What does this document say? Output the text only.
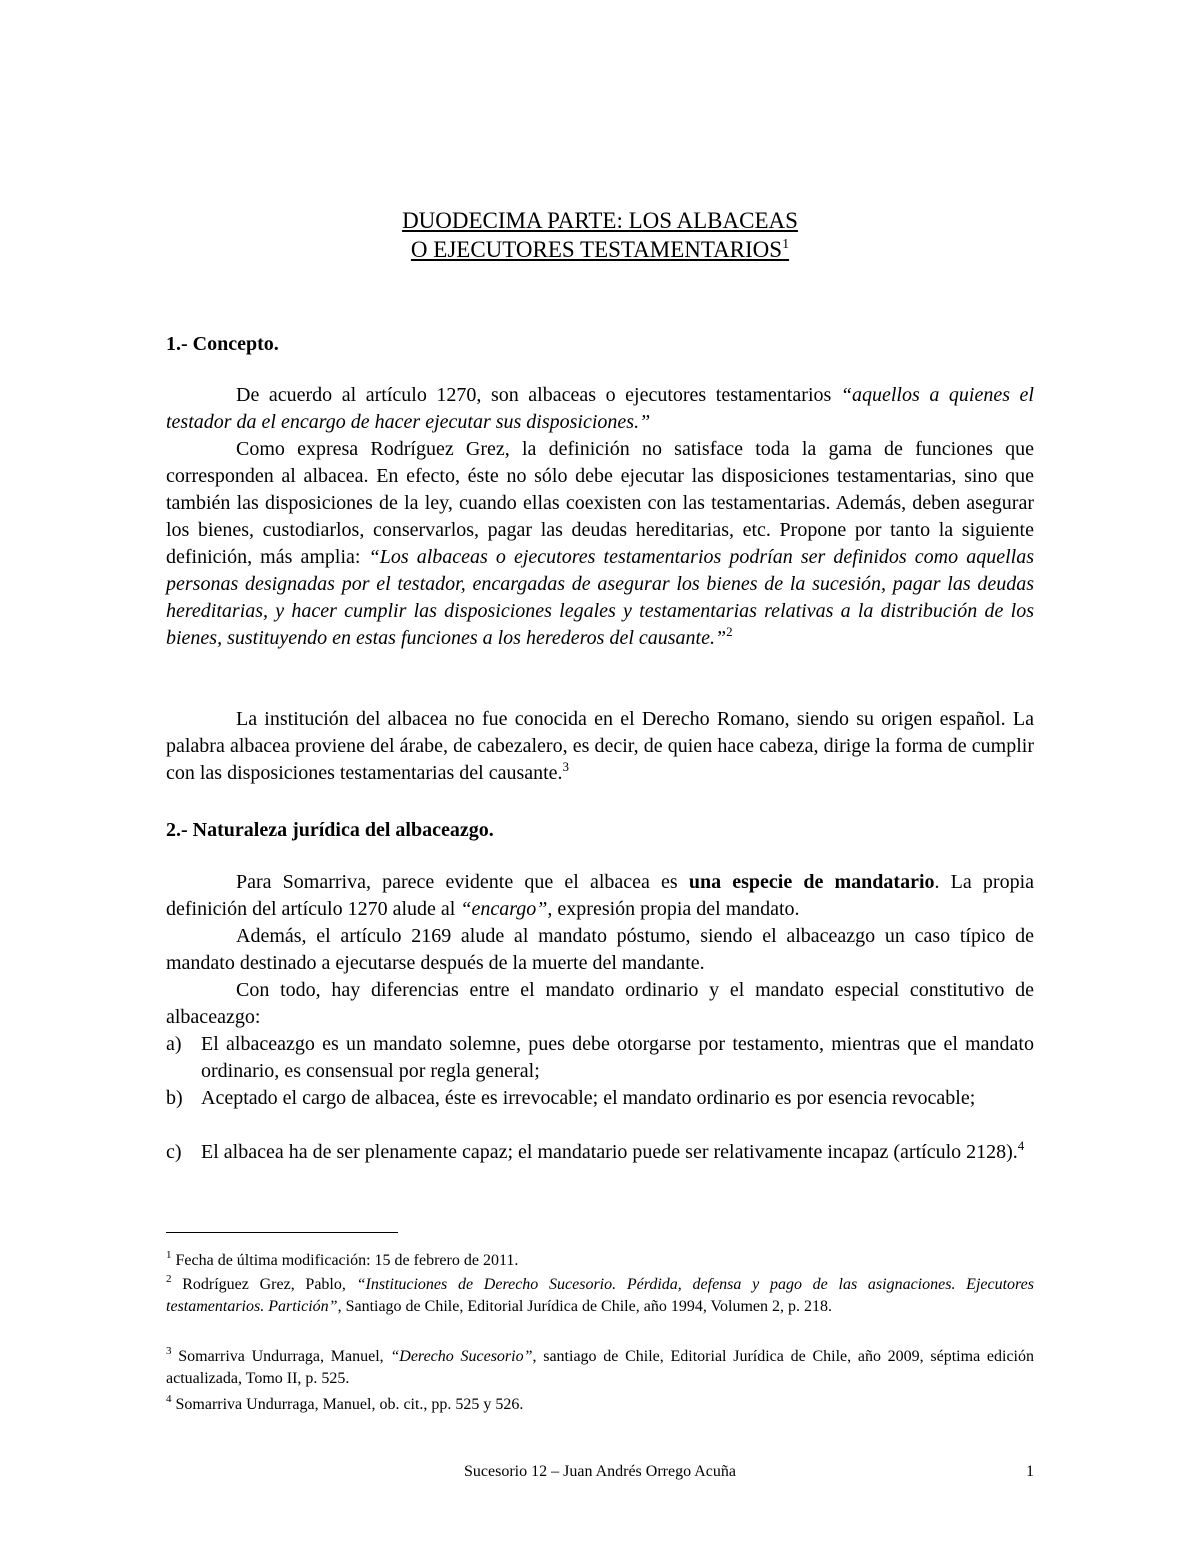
DUODECIMA PARTE: LOS ALBACEAS
O EJECUTORES TESTAMENTARIOS$^1$
1.- Concepto.
De acuerdo al artículo 1270, son albaceas o ejecutores testamentarios “aquellos a quienes el testador da el encargo de hacer ejecutar sus disposiciones.”
Como expresa Rodríguez Grez, la definición no satisface toda la gama de funciones que corresponden al albacea. En efecto, éste no sólo debe ejecutar las disposiciones testamentarias, sino que también las disposiciones de la ley, cuando ellas coexisten con las testamentarias. Además, deben asegurar los bienes, custodiarlos, conservarlos, pagar las deudas hereditarias, etc. Propone por tanto la siguiente definición, más amplia: “Los albaceas o ejecutores testamentarios podrían ser definidos como aquellas personas designadas por el testador, encargadas de asegurar los bienes de la sucesión, pagar las deudas hereditarias, y hacer cumplir las disposiciones legales y testamentarias relativas a la distribución de los bienes, sustituyendo en estas funciones a los herederos del causante.”$^2$
La institución del albacea no fue conocida en el Derecho Romano, siendo su origen español. La palabra albacea proviene del árabe, de cabezalero, es decir, de quien hace cabeza, dirige la forma de cumplir con las disposiciones testamentarias del causante.$^3$
2.- Naturaleza jurídica del albaceazgo.
Para Somarriva, parece evidente que el albacea es una especie de mandatario. La propia definición del artículo 1270 alude al “encargo”, expresión propia del mandato.
Además, el artículo 2169 alude al mandato póstumo, siendo el albaceazgo un caso típico de mandato destinado a ejecutarse después de la muerte del mandante.
Con todo, hay diferencias entre el mandato ordinario y el mandato especial constitutivo de albaceazgo:
a) El albaceazgo es un mandato solemne, pues debe otorgarse por testamento, mientras que el mandato ordinario, es consensual por regla general;
b) Aceptado el cargo de albacea, éste es irrevocable; el mandato ordinario es por esencia revocable;
c) El albacea ha de ser plenamente capaz; el mandatario puede ser relativamente incapaz (artículo 2128).$^4$
$^1$ Fecha de última modificación: 15 de febrero de 2011.
$^2$ Rodríguez Grez, Pablo, “Instituciones de Derecho Sucesorio. Pérdida, defensa y pago de las asignaciones. Ejecutores testamentarios. Partición”, Santiago de Chile, Editorial Jurídica de Chile, año 1994, Volumen 2, p. 218.
$^3$ Somarriva Undurraga, Manuel, “Derecho Sucesorio”, santiago de Chile, Editorial Jurídica de Chile, año 2009, séptima edición actualizada, Tomo II, p. 525.
$^4$ Somarriva Undurraga, Manuel, ob. cit., pp. 525 y 526.
Sucesorio 12 – Juan Andrés Orrego Acuña	1
